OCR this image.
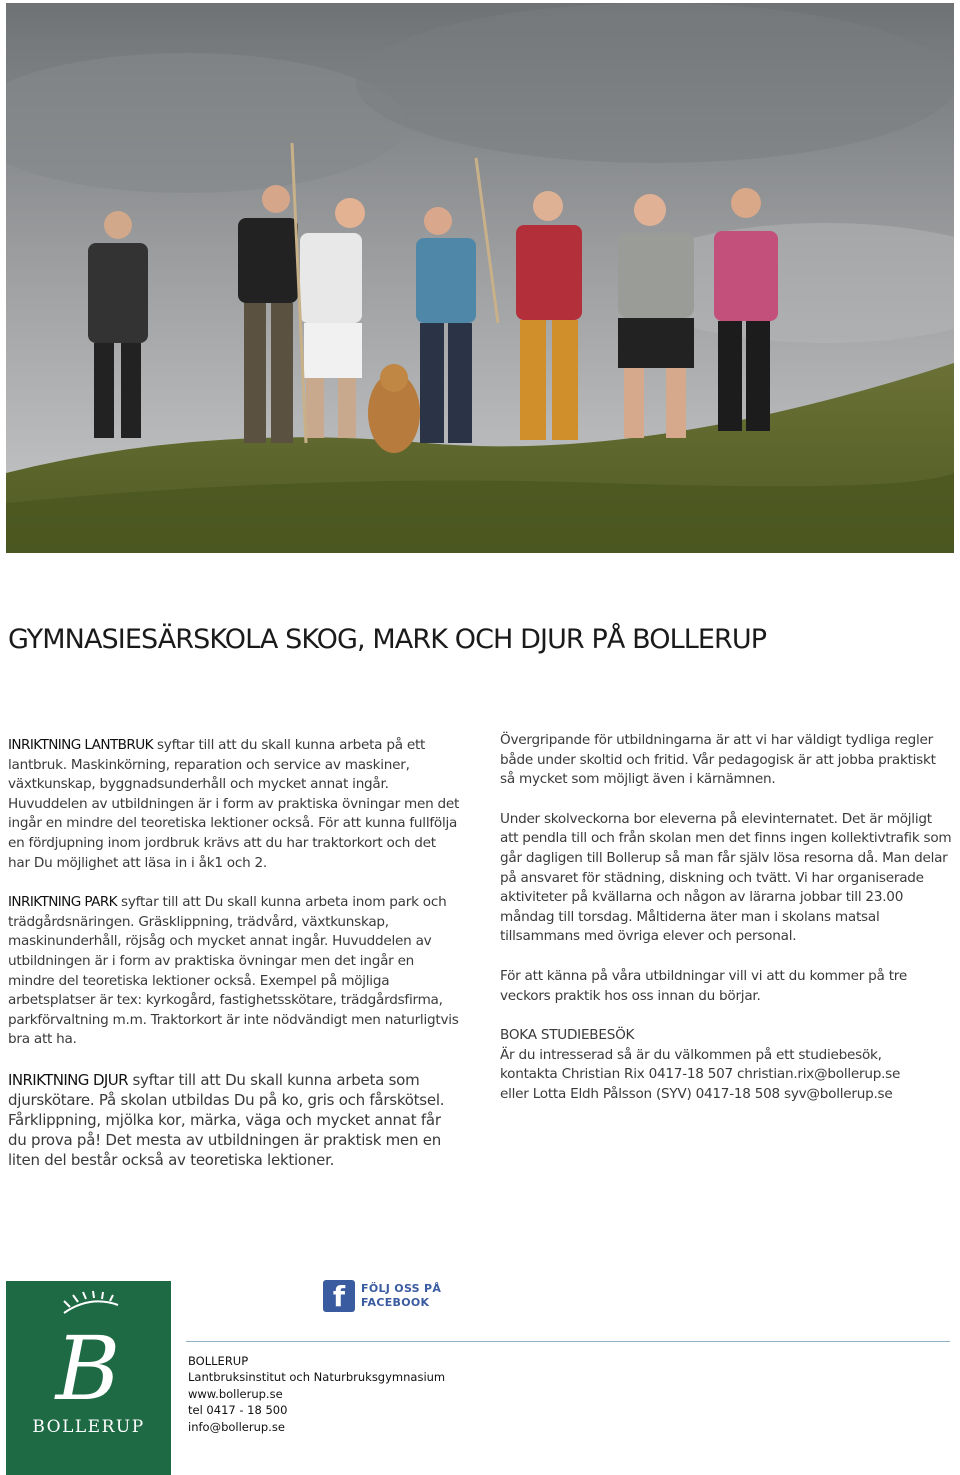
GYMNASIESÄRSKOLA SKOG, MARK OCH DJUR PÅ BOLLERUP

INRIKTNING LANTBRUK syftar till att du skall kunna arbeta på ett lantbruk. Maskinkörning, reparation och service av maskiner, växtkunskap, byggnadsunderhåll och mycket annat ingår. Huvuddelen av utbildningen är i form av praktiska övningar men det ingår en mindre del teoretiska lektioner också. För att kunna fullfölja en fördjupning inom jordbruk krävs att du har traktorkort och det har Du möjlighet att läsa in i åk1 och 2.

INRIKTNING PARK syftar till att Du skall kunna arbeta inom park och trädgårdsnäringen. Gräsklippning, trädvård, växtkunskap, maskinunderhåll, röjsåg och mycket annat ingår. Huvuddelen av utbildningen är i form av praktiska övningar men det ingår en mindre del teoretiska lektioner också. Exempel på möjliga arbetsplatser är tex: kyrkogård, fastighetsskötare, trädgårdsfirma, parkförvaltning m.m. Traktorkort är inte nödvändigt men naturligtvis bra att ha.

INRIKTNING DJUR syftar till att Du skall kunna arbeta som djurskötare. På skolan utbildas Du på ko, gris och fårskötsel. Fårklippning, mjölka kor, märka, väga och mycket annat får du prova på! Det mesta av utbildningen är praktisk men en liten del består också av teoretiska lektioner.

Övergripande för utbildningarna är att vi har väldigt tydliga regler både under skoltid och fritid. Vår pedagogisk är att jobba praktiskt så mycket som möjligt även i kärnämnen.

Under skolveckorna bor eleverna på elevinternatet. Det är möjligt att pendla till och från skolan men det finns ingen kollektivtrafik som går dagligen till Bollerup så man får själv lösa resorna då. Man delar på ansvaret för städning, diskning och tvätt. Vi har organiserade aktiviteter på kvällarna och någon av lärarna jobbar till 23.00 måndag till torsdag. Måltiderna äter man i skolans matsal tillsammans med övriga elever och personal.

För att känna på våra utbildningar vill vi att du kommer på tre veckors praktik hos oss innan du börjar.

BOKA STUDIEBESÖK
Är du intresserad så är du välkommen på ett studiebesök,
kontakta Christian Rix 0417-18 507 christian.rix@bollerup.se
eller Lotta Eldh Pålsson (SYV) 0417-18 508 syv@bollerup.se

B
BOLLERUP
f	FÖLJ OSS PÅ
FACEBOOK
BOLLERUP
Lantbruksinstitut och Naturbruksgymnasium
www.bollerup.se
tel 0417 - 18 500
info@bollerup.se
